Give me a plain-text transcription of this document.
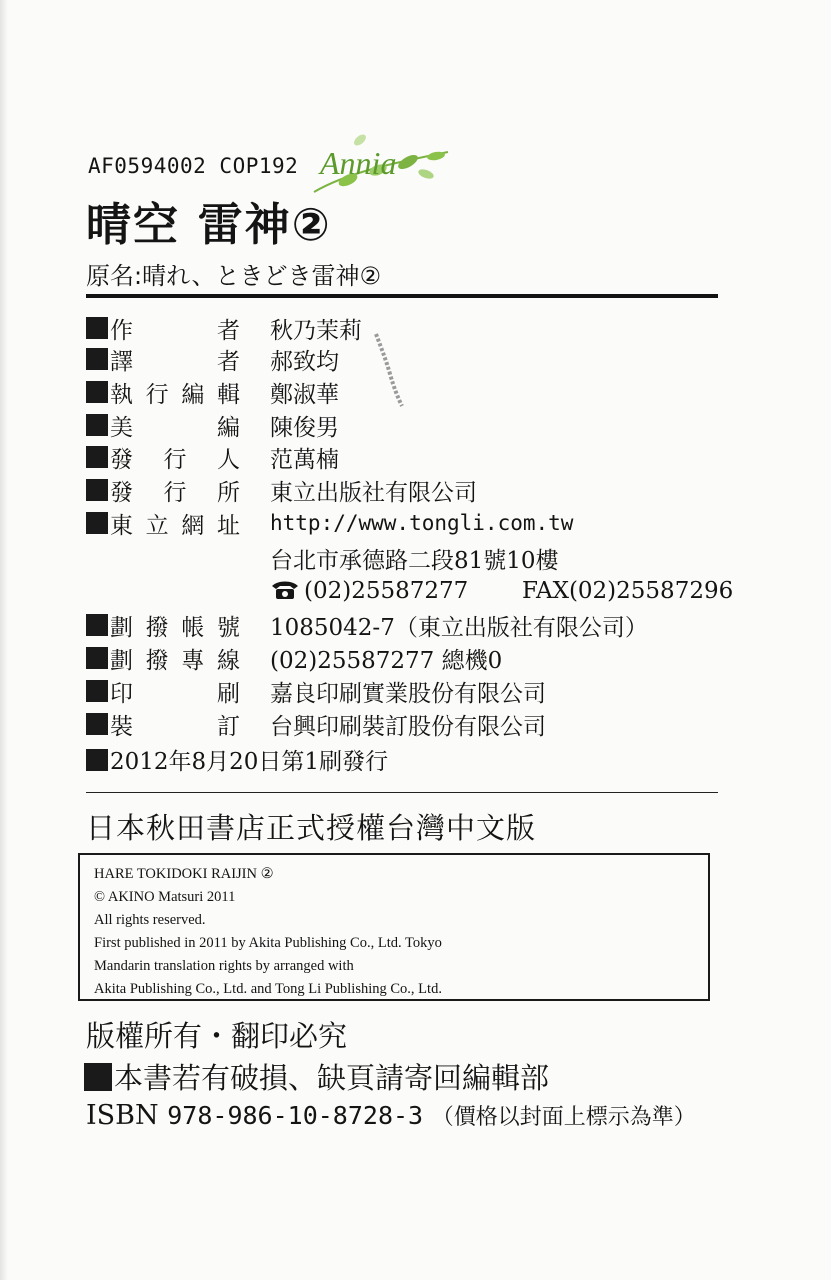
AF0594002 COP192 Annia
晴空 雷神②
原名:晴れ、ときどき雷神②
作　者 秋乃茉莉
譯　者 郝致均
執行編輯 鄭淑華
美　編 陳俊男
發行人 范萬楠
發行所 東立出版社有限公司
東立網址 http://www.tongli.com.tw
台北市承德路二段81號10樓
(02)25587277 FAX(02)25587296
劃撥帳號 1085042-7（東立出版社有限公司）
劃撥專線 (02)25587277 總機0
印　刷 嘉良印刷實業股份有限公司
裝　訂 台興印刷裝訂股份有限公司
2012年8月20日第1刷發行
日本秋田書店正式授權台灣中文版
HARE TOKIDOKI RAIJIN ②
© AKINO Matsuri 2011
All rights reserved.
First published in 2011 by Akita Publishing Co., Ltd. Tokyo
Mandarin translation rights by arranged with
Akita Publishing Co., Ltd. and Tong Li Publishing Co., Ltd.
版權所有・翻印必究
本書若有破損、缺頁請寄回編輯部
ISBN 978-986-10-8728-3 （價格以封面上標示為準）
